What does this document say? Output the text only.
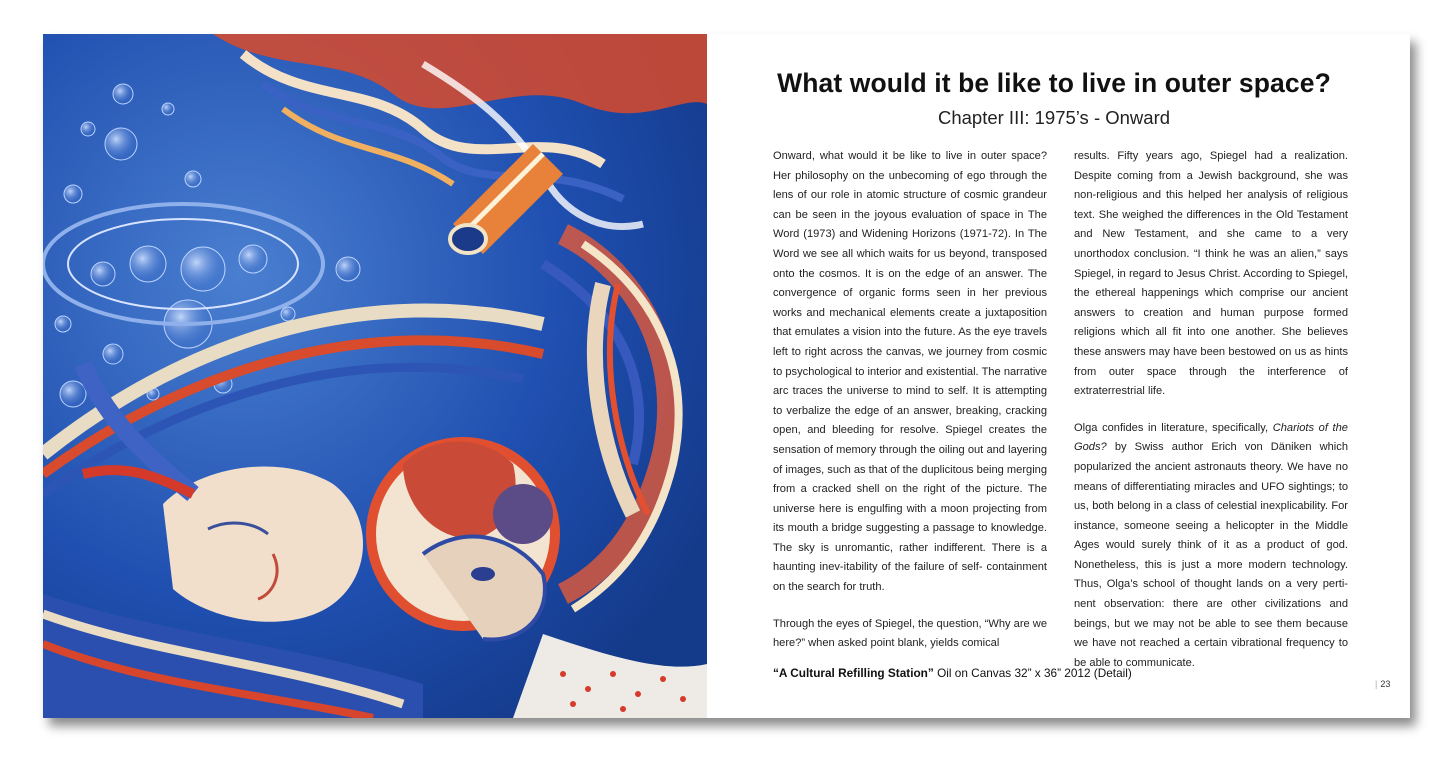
What would it be like to live in outer space?
Chapter III: 1975’s - Onward

Onward, what would it be like to live in outer space? Her philosophy on the unbecoming of ego through the lens of our role in atomic structure of cosmic grandeur can be seen in the joyous evaluation of space in The Word (1973) and Widening Horizons (1971-72). In The Word we see all which waits for us beyond, transposed onto the cosmos. It is on the edge of an answer. The convergence of organic forms seen in her previous works and mechanical elements create a juxtaposition that emulates a vision into the future. As the eye travels left to right across the canvas, we journey from cosmic to psychological to interior and existential. The narrative arc traces the universe to mind to self. It is attempting to verbalize the edge of an answer, breaking, cracking open, and bleeding for resolve. Spiegel creates the sensation of memory through the oiling out and layering of images, such as that of the duplicitous being merging from a cracked shell on the right of the picture. The universe here is engulfing with a moon projecting from its mouth a bridge suggesting a passage to knowledge. The sky is unromantic, rather indifferent. There is a haunting inev-itability of the failure of self- containment on the search for truth.

Through the eyes of Spiegel, the question, “Why are we here?” when asked point blank, yields comical

results. Fifty years ago, Spiegel had a realization. Despite coming from a Jewish background, she was non-religious and this helped her analysis of religious text. She weighed the differences in the Old Testament and New Testament, and she came to a very unorthodox conclusion. “I think he was an alien,” says Spiegel, in regard to Jesus Christ. According to Spiegel, the ethereal happenings which comprise our ancient answers to creation and human purpose formed religions which all fit into one another. She believes these answers may have been bestowed on us as hints from outer space through the interference of extraterrestrial life.

Olga confides in literature, specifically, Chariots of the Gods? by Swiss author Erich von Däniken which popularized the ancient astronauts theory. We have no means of differentiating miracles and UFO sightings; to us, both belong in a class of celestial inexplicability. For instance, someone seeing a helicopter in the Middle Ages would surely think of it as a product of god. Nonetheless, this is just a more modern technology. Thus, Olga’s school of thought lands on a very perti-nent observation: there are other civilizations and beings, but we may not be able to see them because we have not reached a certain vibrational frequency to be able to communicate.

“A Cultural Refilling Station” Oil on Canvas 32” x 36” 2012 (Detail)
| 23
